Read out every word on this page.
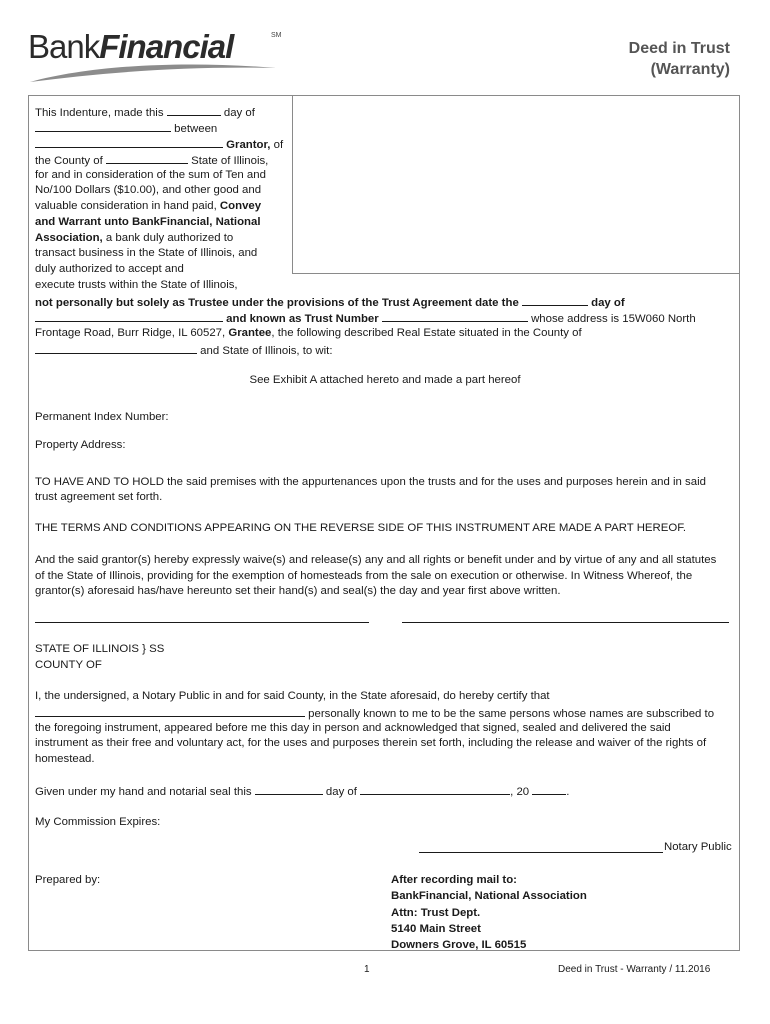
BankFinancial	SM
Deed in Trust
(Warranty)
This Indenture, made this	day of
between
Grantor, of
the County of	State of Illinois,
for and in consideration of the sum of Ten and
No/100 Dollars ($10.00), and other good and
valuable consideration in hand paid, Convey
and Warrant unto BankFinancial, National
Association, a bank duly authorized to
transact business in the State of Illinois, and
duly authorized to accept and
execute trusts within the State of Illinois,
not personally but solely as Trustee under the provisions of the Trust Agreement date the	day of
and known as Trust Number	whose address is 15W060 North
Frontage Road, Burr Ridge, IL 60527, Grantee, the following described Real Estate situated in the County of
and State of Illinois, to wit:
See Exhibit A attached hereto and made a part hereof
Permanent Index Number:
Property Address:
TO HAVE AND TO HOLD the said premises with the appurtenances upon the trusts and for the uses and purposes herein and in said
trust agreement set forth.
THE TERMS AND CONDITIONS APPEARING ON THE REVERSE SIDE OF THIS INSTRUMENT ARE MADE A PART HEREOF.
And the said grantor(s) hereby expressly waive(s) and release(s) any and all rights or benefit under and by virtue of any and all statutes
of the State of Illinois, providing for the exemption of homesteads from the sale on execution or otherwise. In Witness Whereof, the
grantor(s) aforesaid has/have hereunto set their hand(s) and seal(s) the day and year first above written.
STATE OF ILLINOIS } SS
COUNTY OF
I, the undersigned, a Notary Public in and for said County, in the State aforesaid, do hereby certify that
personally known to me to be the same persons whose names are subscribed to
the foregoing instrument, appeared before me this day in person and acknowledged that signed, sealed and delivered the said
instrument as their free and voluntary act, for the uses and purposes therein set forth, including the release and waiver of the rights of
homestead.
Given under my hand and notarial seal this	day of	, 20	.
My Commission Expires:
Notary Public
Prepared by:	After recording mail to:
BankFinancial, National Association
Attn: Trust Dept.
5140 Main Street
Downers Grove, IL 60515
1	Deed in Trust - Warranty / 11.2016
